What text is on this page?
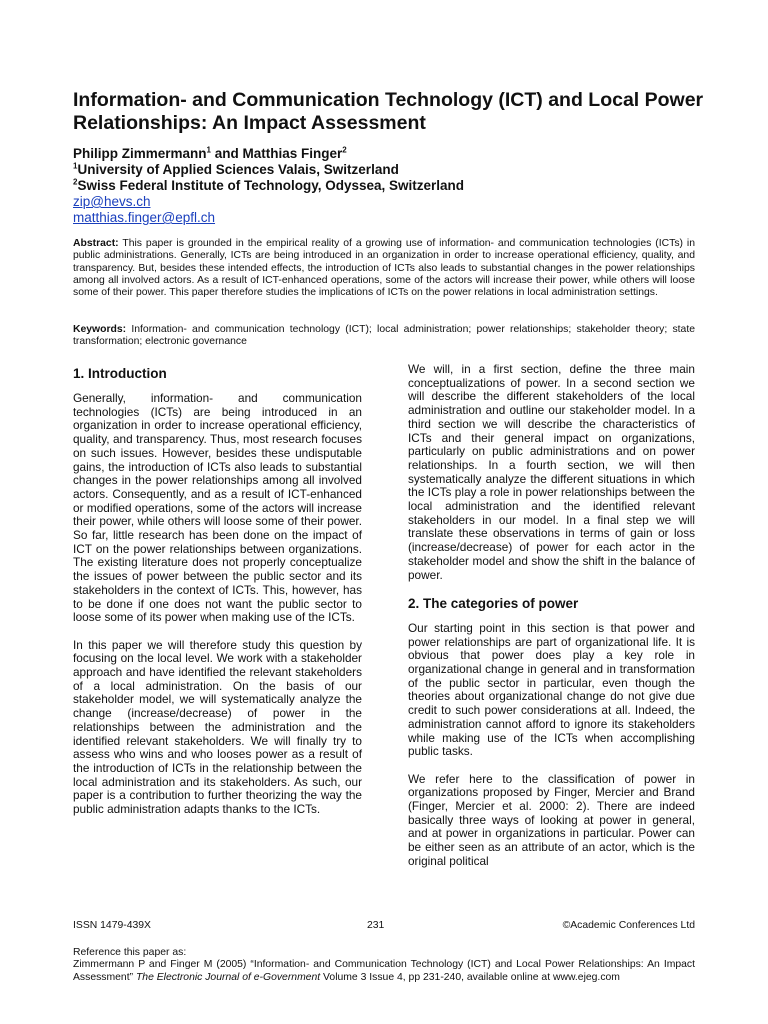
Information- and Communication Technology (ICT) and Local Power Relationships: An Impact Assessment
Philipp Zimmermann$^1$ and Matthias Finger$^2$
$^1$University of Applied Sciences Valais, Switzerland
$^2$Swiss Federal Institute of Technology, Odyssea, Switzerland
zip@hevs.ch
matthias.finger@epfl.ch

Abstract: This paper is grounded in the empirical reality of a growing use of information- and communication technologies (ICTs) in public administrations. Generally, ICTs are being introduced in an organization in order to increase operational efficiency, quality, and transparency. But, besides these intended effects, the introduction of ICTs also leads to substantial changes in the power relationships among all involved actors. As a result of ICT-enhanced operations, some of the actors will increase their power, while others will loose some of their power. This paper therefore studies the implications of ICTs on the power relations in local administration settings.

Keywords: Information- and communication technology (ICT); local administration; power relationships; stakeholder theory; state transformation; electronic governance

1. Introduction

Generally, information- and communication technologies (ICTs) are being introduced in an organization in order to increase operational efficiency, quality, and transparency. Thus, most research focuses on such issues. However, besides these undisputable gains, the introduction of ICTs also leads to substantial changes in the power relationships among all involved actors. Consequently, and as a result of ICT-enhanced or modified operations, some of the actors will increase their power, while others will loose some of their power. So far, little research has been done on the impact of ICT on the power relationships between organizations. The existing literature does not properly conceptualize the issues of power between the public sector and its stakeholders in the context of ICTs. This, however, has to be done if one does not want the public sector to loose some of its power when making use of the ICTs.

In this paper we will therefore study this question by focusing on the local level. We work with a stakeholder approach and have identified the relevant stakeholders of a local administration. On the basis of our stakeholder model, we will systematically analyze the change (increase/decrease) of power in the relationships between the administration and the identified relevant stakeholders. We will finally try to assess who wins and who looses power as a result of the introduction of ICTs in the relationship between the local administration and its stakeholders. As such, our paper is a contribution to further theorizing the way the public administration adapts thanks to the ICTs.

We will, in a first section, define the three main conceptualizations of power. In a second section we will describe the different stakeholders of the local administration and outline our stakeholder model. In a third section we will describe the characteristics of ICTs and their general impact on organizations, particularly on public administrations and on power relationships. In a fourth section, we will then systematically analyze the different situations in which the ICTs play a role in power relationships between the local administration and the identified relevant stakeholders in our model. In a final step we will translate these observations in terms of gain or loss (increase/decrease) of power for each actor in the stakeholder model and show the shift in the balance of power.

2. The categories of power

Our starting point in this section is that power and power relationships are part of organizational life. It is obvious that power does play a key role in organizational change in general and in transformation of the public sector in particular, even though the theories about organizational change do not give due credit to such power considerations at all. Indeed, the administration cannot afford to ignore its stakeholders while making use of the ICTs when accomplishing public tasks.

We refer here to the classification of power in organizations proposed by Finger, Mercier and Brand (Finger, Mercier et al. 2000: 2). There are indeed basically three ways of looking at power in general, and at power in organizations in particular. Power can be either seen as an attribute of an actor, which is the original political

ISSN 1479-439X	231	©Academic Conferences Ltd
Reference this paper as:
Zimmermann P and Finger M (2005) “Information- and Communication Technology (ICT) and Local Power Relationships: An Impact Assessment” The Electronic Journal of e-Government Volume 3 Issue 4, pp 231-240, available online at www.ejeg.com
